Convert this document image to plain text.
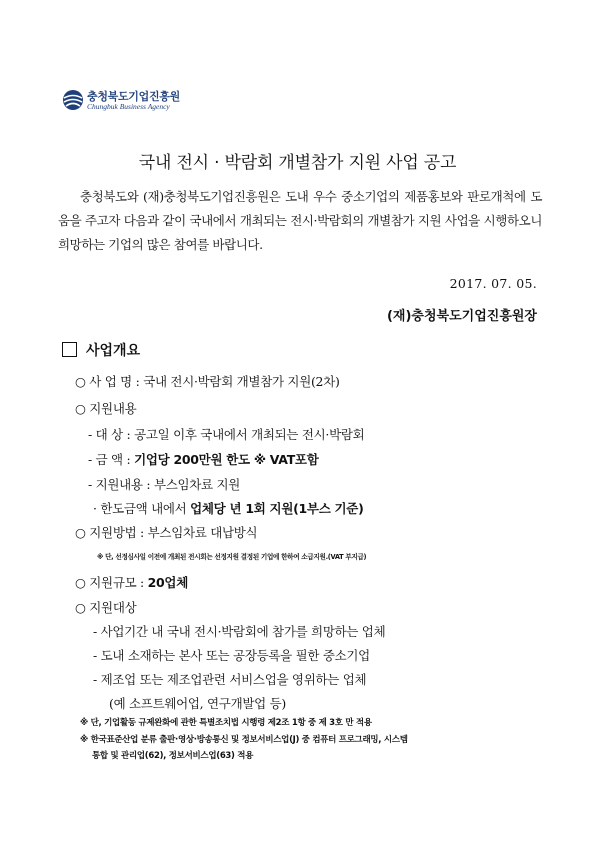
충청북도기업진흥원
Chungbuk Business Agency
국내 전시 · 박람회 개별참가 지원 사업 공고

충청북도와 (재)충청북도기업진흥원은 도내 우수 중소기업의 제품홍보와 판로개척에 도움을 주고자 다음과 같이 국내에서 개최되는 전시·박람회의 개별참가 지원 사업을 시행하오니 희망하는 기업의 많은 참여를 바랍니다.

2017. 07. 05.
(재)충청북도기업진흥원장
사업개요
○ 사 업 명 : 국내 전시·박람회 개별참가 지원(2차)
○ 지원내용
- 대 상 : 공고일 이후 국내에서 개최되는 전시·박람회
- 금 액 : 기업당 200만원 한도 ※ VAT포함
- 지원내용 : 부스임차료 지원
· 한도금액 내에서 업체당 년 1회 지원(1부스 기준)
○ 지원방법 : 부스임차료 대납방식
※ 단, 선정심사일 이전에 개최된 전시회는 선정지원 결정된 기업에 한하여 소급지원.(VAT 부지급)
○ 지원규모 : 20업체
○ 지원대상
- 사업기간 내 국내 전시·박람회에 참가를 희망하는 업체
- 도내 소재하는 본사 또는 공장등록을 필한 중소기업
- 제조업 또는 제조업관련 서비스업을 영위하는 업체
(예 소프트웨어업, 연구개발업 등)
※ 단, 기업활동 규제완화에 관한 특별조치법 시행령 제2조 1항 중 제 3호 만 적용
※ 한국표준산업 분류 출판·영상·방송통신 및 정보서비스업(J) 중 컴퓨터 프로그래밍, 시스템
통합 및 관리업(62), 정보서비스업(63) 적용
